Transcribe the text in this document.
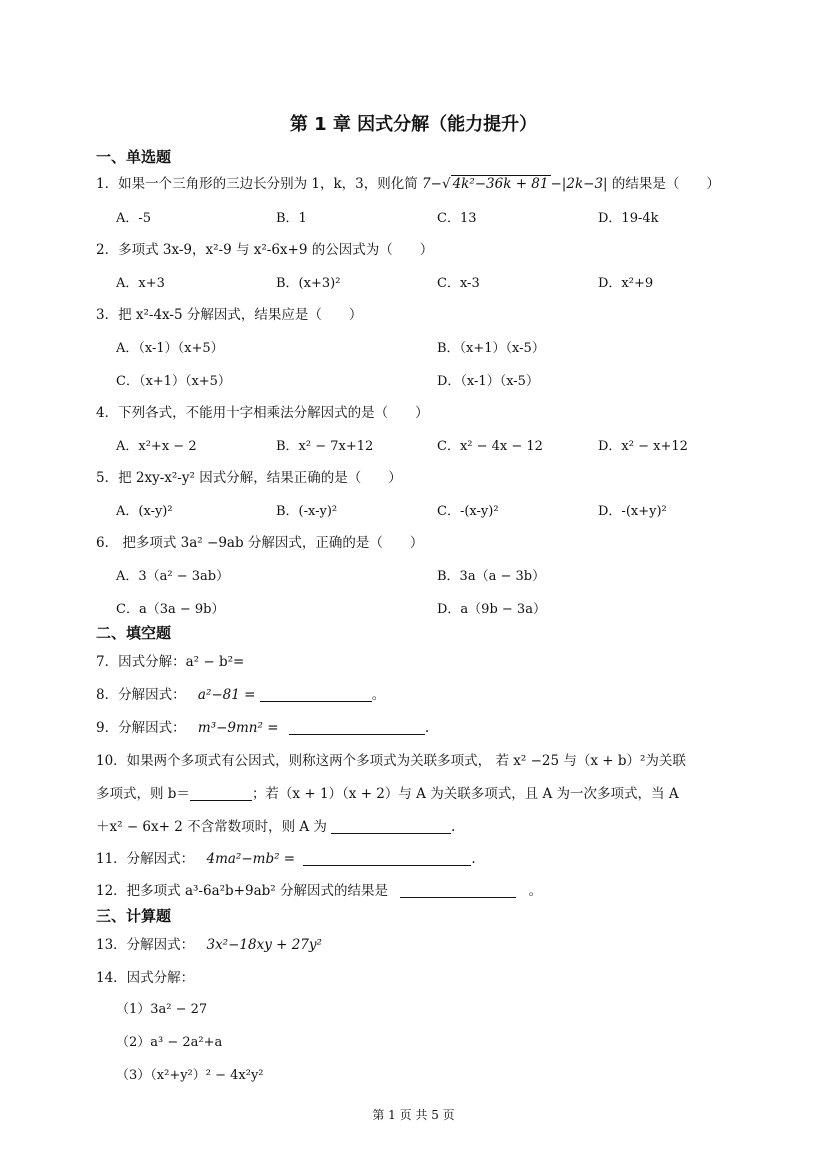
第 1 章 因式分解（能力提升）
一、单选题
1．如果一个三角形的三边长分别为 1，k，3，则化简 7−√ 4k²−36k + 81 −|2k−3| 的结果是（　　）
A．-5	B．1	C．13	D．19-4k
2．多项式 3x-9，x²-9 与 x²-6x+9 的公因式为（　　）
A．x+3	B．(x+3)²	C．x-3	D．x²+9
3．把 x²-4x-5 分解因式，结果应是（　　）
A．（x-1）（x+5）	B．（x+1）（x-5）
C．（x+1）（x+5）	D．（x-1）（x-5）
4．下列各式，不能用十字相乘法分解因式的是（　　）
A．x²+x − 2	B．x² − 7x+12	C．x² − 4x − 12	D．x² − x+12
5．把 2xy-x²-y² 因式分解，结果正确的是（　　）
A．(x-y)²	B．(-x-y)²	C．-(x-y)²	D．-(x+y)²
6． 把多项式 3a² −9ab 分解因式，正确的是（　　）
A．3（a² − 3ab）	B．3a（a − 3b）
C．a（3a − 9b）	D．a（9b − 3a）
二、填空题
7．因式分解：a² − b²=
8．分解因式： a²−81 =	。
9．分解因式： m³−9mn² =	.
10．如果两个多项式有公因式，则称这两个多项式为关联多项式， 若 x² −25 与（x + b）²为关联
多项式，则 b＝	；若（x + 1）（x + 2）与 A 为关联多项式，且 A 为一次多项式，当 A
＋x² − 6x+ 2 不含常数项时，则 A 为	.
11．分解因式： 4ma²−mb² =	.
12．把多项式 a³-6a²b+9ab² 分解因式的结果是	。
三、计算题
13．分解因式： 3x²−18xy + 27y²
14．因式分解：
（1）3a² − 27
（2）a³ − 2a²+a
（3）（x²+y²）² − 4x²y²
第 1 页 共 5 页
